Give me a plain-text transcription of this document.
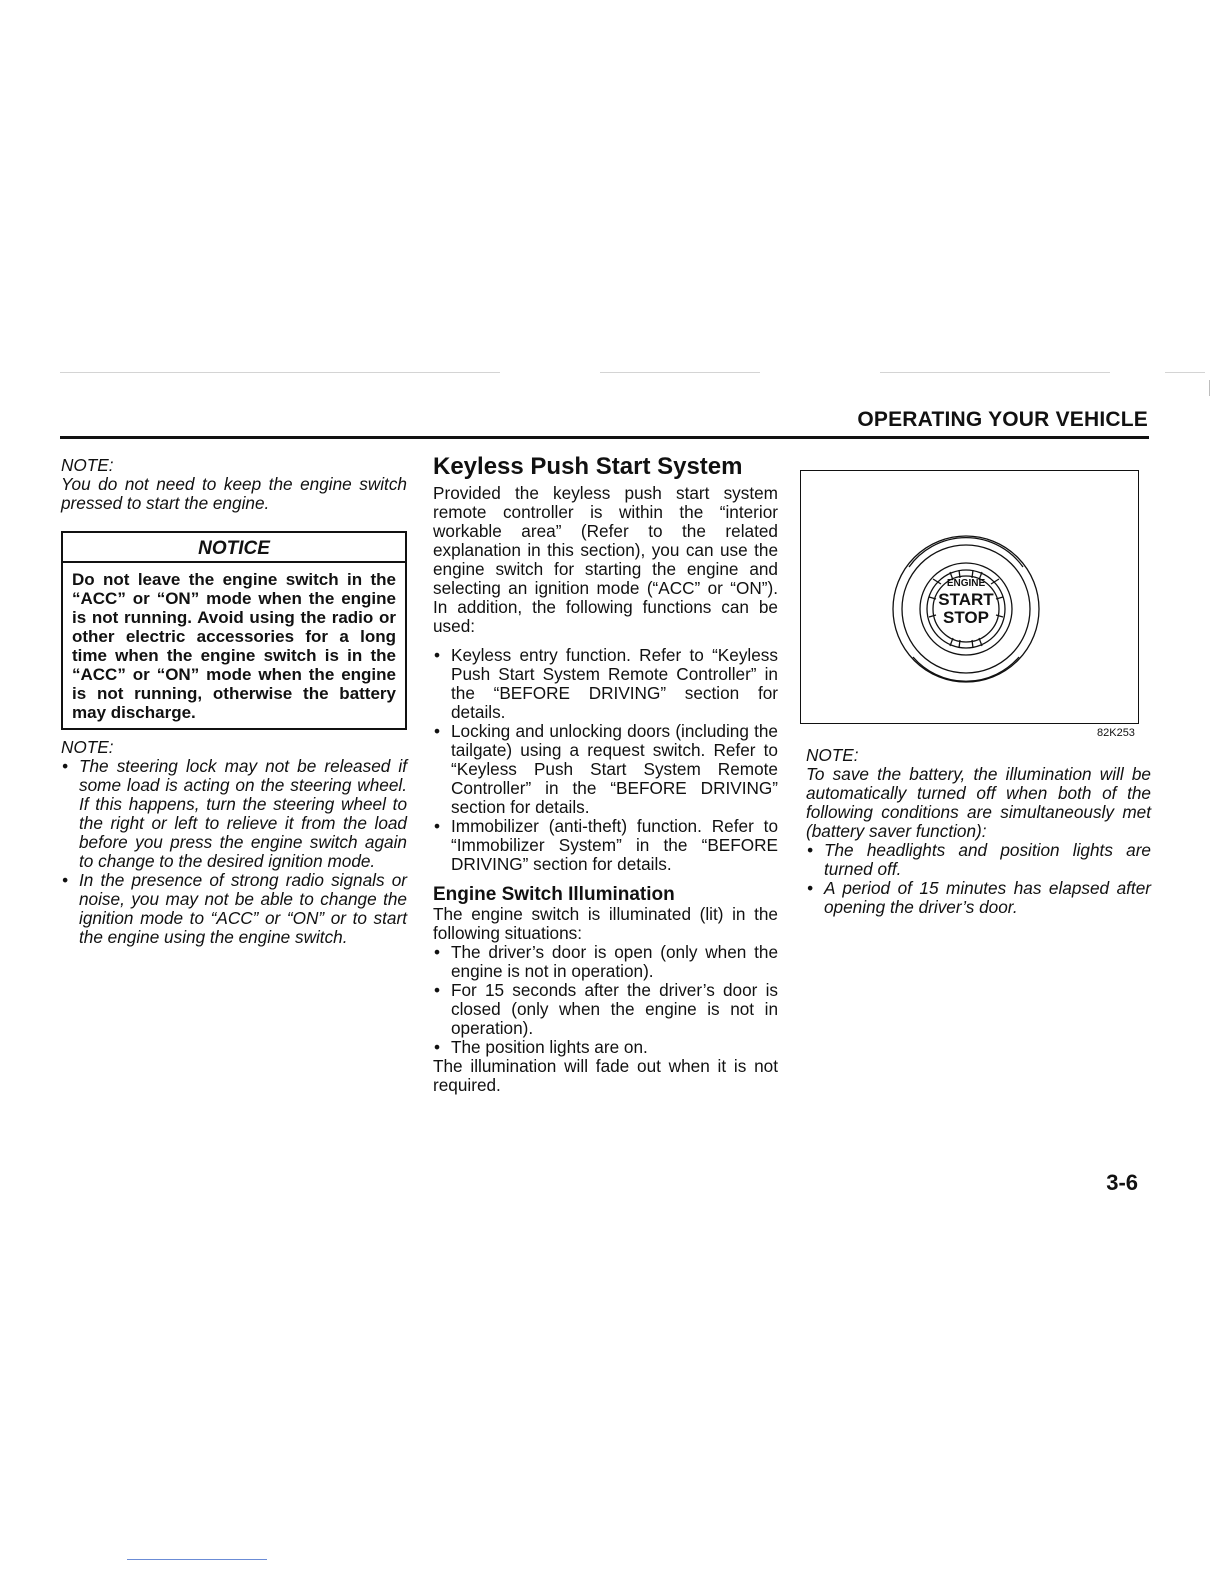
OPERATING YOUR VEHICLE

NOTE:

You do not need to keep the engine switch pressed to start the engine.

NOTICE
Do not leave the engine switch in the “ACC” or “ON” mode when the engine is not running. Avoid using the radio or other electric accessories for a long time when the engine switch is in the “ACC” or “ON” mode when the engine is not running, otherwise the battery may discharge.

NOTE:

• The steering lock may not be released if some load is acting on the steering wheel. If this happens, turn the steering wheel to the right or left to relieve it from the load before you press the engine switch again to change to the desired ignition mode.
• In the presence of strong radio signals or noise, you may not be able to change the ignition mode to “ACC” or “ON” or to start the engine using the engine switch.
Keyless Push Start System

Provided the keyless push start system remote controller is within the “interior workable area” (Refer to the related explanation in this section), you can use the engine switch for starting the engine and selecting an ignition mode (“ACC” or “ON”). In addition, the following functions can be used:

• Keyless entry function. Refer to “Keyless Push Start System Remote Controller” in the “BEFORE DRIVING” section for details.
• Locking and unlocking doors (including the tailgate) using a request switch. Refer to “Keyless Push Start System Remote Controller” in the “BEFORE DRIVING” section for details.
• Immobilizer (anti-theft) function. Refer to “Immobilizer System” in the “BEFORE DRIVING” section for details.
Engine Switch Illumination

The engine switch is illuminated (lit) in the following situations:

• The driver’s door is open (only when the engine is not in operation).
• For 15 seconds after the driver’s door is closed (only when the engine is not in operation).
• The position lights are on.

The illumination will fade out when it is not required.

ENGINE
START
STOP
82K253

NOTE:

To save the battery, the illumination will be automatically turned off when both of the following conditions are simultaneously met (battery saver function):

• The headlights and position lights are turned off.
• A period of 15 minutes has elapsed after opening the driver’s door.
3-6
